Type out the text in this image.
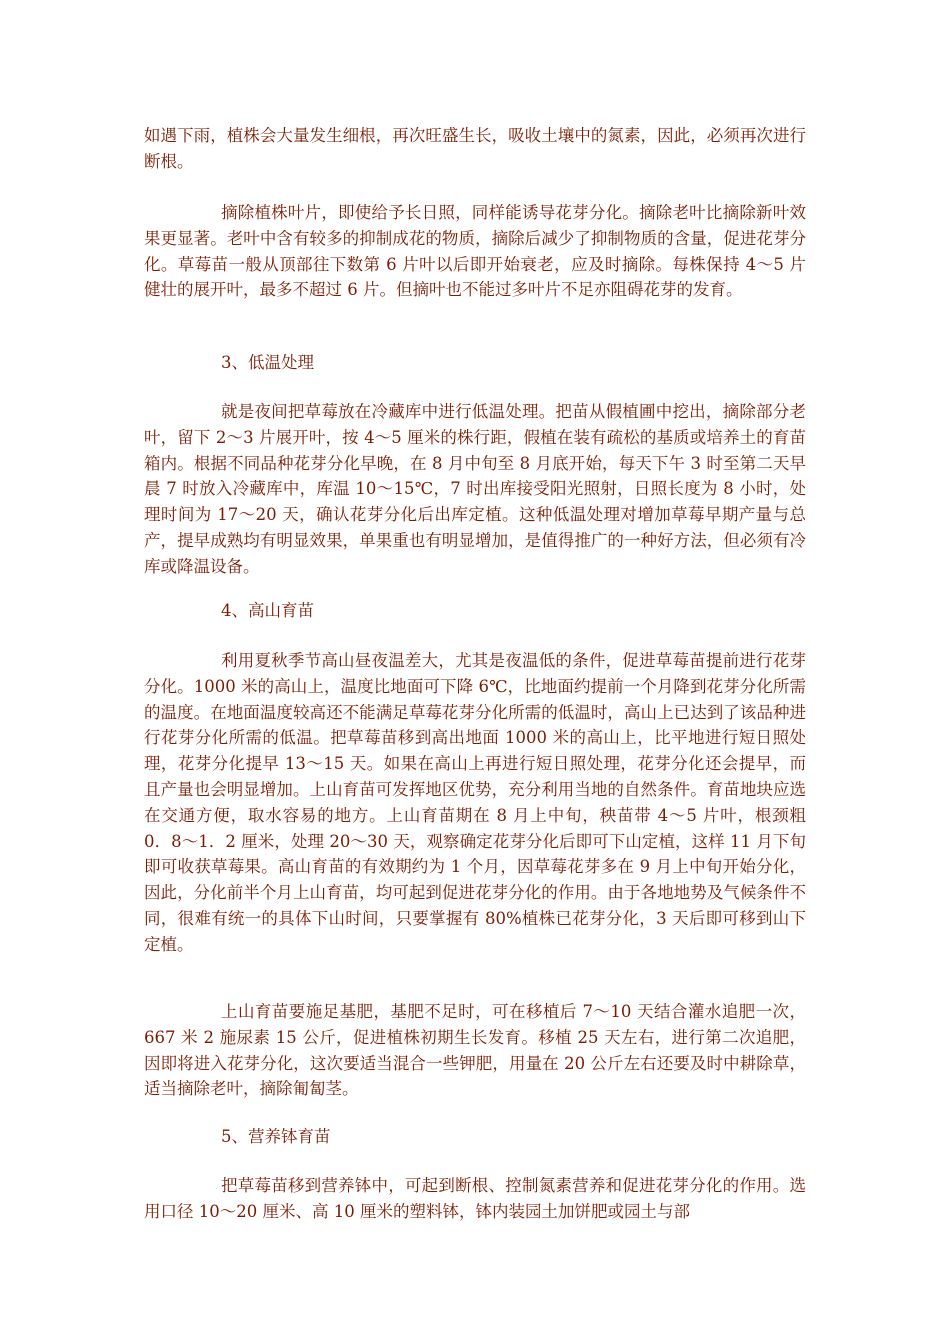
如遇下雨，植株会大量发生细根，再次旺盛生长，吸收土壤中的氮素，因此，必须再次进行断根。

摘除植株叶片，即使给予长日照，同样能诱导花芽分化。摘除老叶比摘除新叶效果更显著。老叶中含有较多的抑制成花的物质，摘除后减少了抑制物质的含量，促进花芽分化。草莓苗一般从顶部往下数第 6 片叶以后即开始衰老，应及时摘除。每株保持 4～5 片健壮的展开叶，最多不超过 6 片。但摘叶也不能过多叶片不足亦阻碍花芽的发育。

3、低温处理

就是夜间把草莓放在冷藏库中进行低温处理。把苗从假植圃中挖出，摘除部分老叶，留下 2～3 片展开叶，按 4～5 厘米的株行距，假植在装有疏松的基质或培养土的育苗箱内。根据不同品种花芽分化早晚，在 8 月中旬至 8 月底开始，每天下午 3 时至第二天早晨 7 时放入冷藏库中，库温 10～15℃，7 时出库接受阳光照射，日照长度为 8 小时，处理时间为 17～20 天，确认花芽分化后出库定植。这种低温处理对增加草莓早期产量与总产，提早成熟均有明显效果，单果重也有明显增加，是值得推广的一种好方法，但必须有冷库或降温设备。

4、高山育苗

利用夏秋季节高山昼夜温差大，尤其是夜温低的条件，促进草莓苗提前进行花芽分化。1000 米的高山上，温度比地面可下降 6℃，比地面约提前一个月降到花芽分化所需的温度。在地面温度较高还不能满足草莓花芽分化所需的低温时，高山上已达到了该品种进行花芽分化所需的低温。把草莓苗移到高出地面 1000 米的高山上，比平地进行短日照处理，花芽分化提早 13～15 天。如果在高山上再进行短日照处理，花芽分化还会提早，而且产量也会明显增加。上山育苗可发挥地区优势，充分利用当地的自然条件。育苗地块应选在交通方便，取水容易的地方。上山育苗期在 8 月上中旬，秧苗带 4～5 片叶，根颈粗 0．8～1．2 厘米，处理 20～30 天，观察确定花芽分化后即可下山定植，这样 11 月下旬即可收获草莓果。高山育苗的有效期约为 1 个月，因草莓花芽多在 9 月上中旬开始分化，因此，分化前半个月上山育苗，均可起到促进花芽分化的作用。由于各地地势及气候条件不同，很难有统一的具体下山时间，只要掌握有 80%植株已花芽分化，3 天后即可移到山下定植。

上山育苗要施足基肥，基肥不足时，可在移植后 7～10 天结合灌水追肥一次，667 米 2 施尿素 15 公斤，促进植株初期生长发育。移植 25 天左右，进行第二次追肥，因即将进入花芽分化，这次要适当混合一些钾肥，用量在 20 公斤左右还要及时中耕除草，适当摘除老叶，摘除匍匐茎。

5、营养钵育苗

把草莓苗移到营养钵中，可起到断根、控制氮素营养和促进花芽分化的作用。选用口径 10～20 厘米、高 10 厘米的塑料钵，钵内装园土加饼肥或园土与部
